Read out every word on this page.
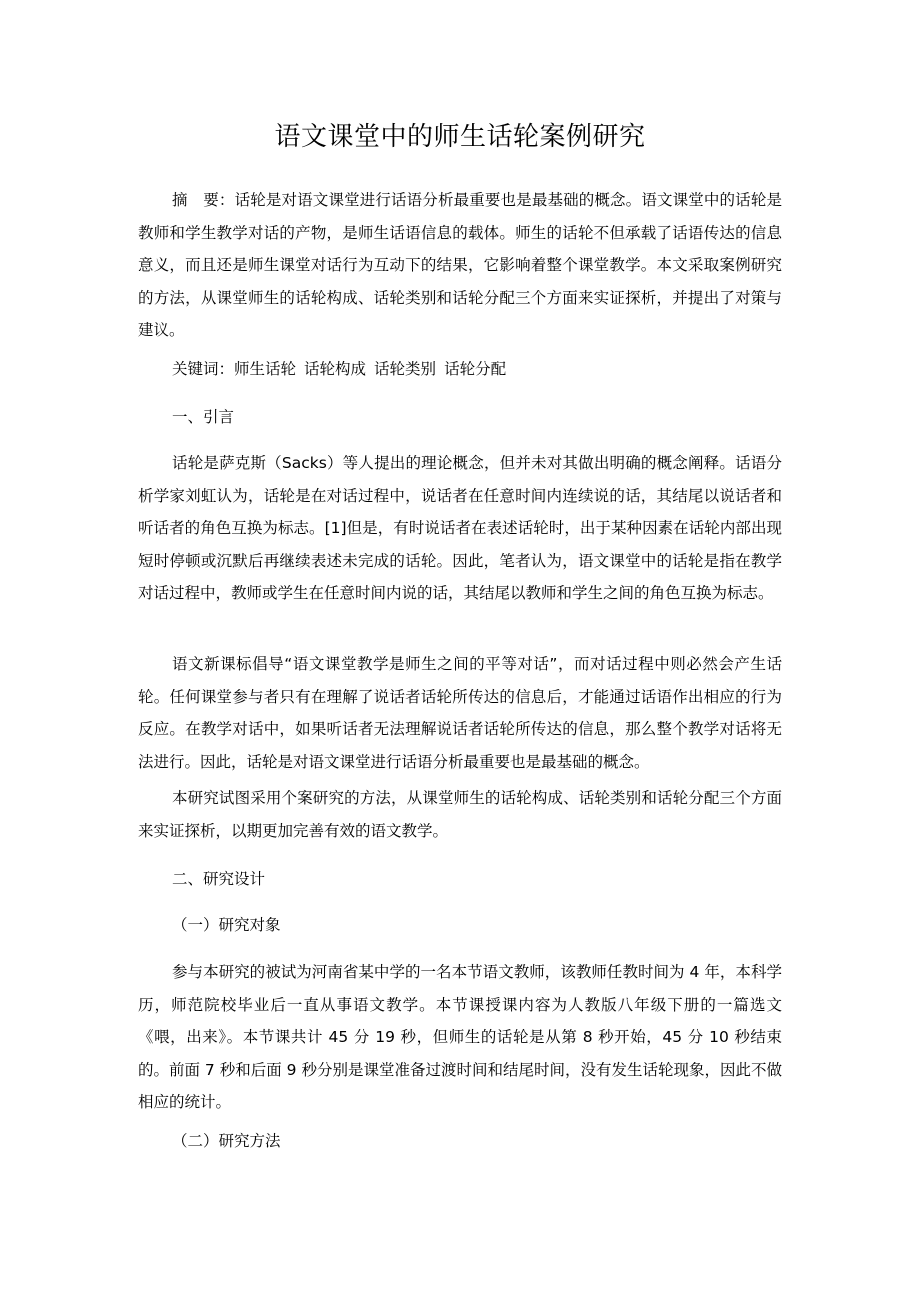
语文课堂中的师生话轮案例研究

摘　要：话轮是对语文课堂进行话语分析最重要也是最基础的概念。语文课堂中的话轮是教师和学生教学对话的产物，是师生话语信息的载体。师生的话轮不但承载了话语传达的信息意义，而且还是师生课堂对话行为互动下的结果，它影响着整个课堂教学。本文采取案例研究的方法，从课堂师生的话轮构成、话轮类别和话轮分配三个方面来实证探析，并提出了对策与建议。

关键词：师生话轮 话轮构成 话轮类别 话轮分配

一、引言

话轮是萨克斯（Sacks）等人提出的理论概念，但并未对其做出明确的概念阐释。话语分析学家刘虹认为，话轮是在对话过程中，说话者在任意时间内连续说的话，其结尾以说话者和听话者的角色互换为标志。[1]但是，有时说话者在表述话轮时，出于某种因素在话轮内部出现短时停顿或沉默后再继续表述未完成的话轮。因此，笔者认为，语文课堂中的话轮是指在教学对话过程中，教师或学生在任意时间内说的话，其结尾以教师和学生之间的角色互换为标志。

语文新课标倡导“语文课堂教学是师生之间的平等对话”，而对话过程中则必然会产生话轮。任何课堂参与者只有在理解了说话者话轮所传达的信息后，才能通过话语作出相应的行为反应。在教学对话中，如果听话者无法理解说话者话轮所传达的信息，那么整个教学对话将无法进行。因此，话轮是对语文课堂进行话语分析最重要也是最基础的概念。

本研究试图采用个案研究的方法，从课堂师生的话轮构成、话轮类别和话轮分配三个方面来实证探析，以期更加完善有效的语文教学。

二、研究设计

（一）研究对象

参与本研究的被试为河南省某中学的一名本节语文教师，该教师任教时间为 4 年，本科学历，师范院校毕业后一直从事语文教学。本节课授课内容为人教版八年级下册的一篇选文《喂，出来》。本节课共计 45 分 19 秒，但师生的话轮是从第 8 秒开始，45 分 10 秒结束的。前面 7 秒和后面 9 秒分别是课堂准备过渡时间和结尾时间，没有发生话轮现象，因此不做相应的统计。

（二）研究方法
